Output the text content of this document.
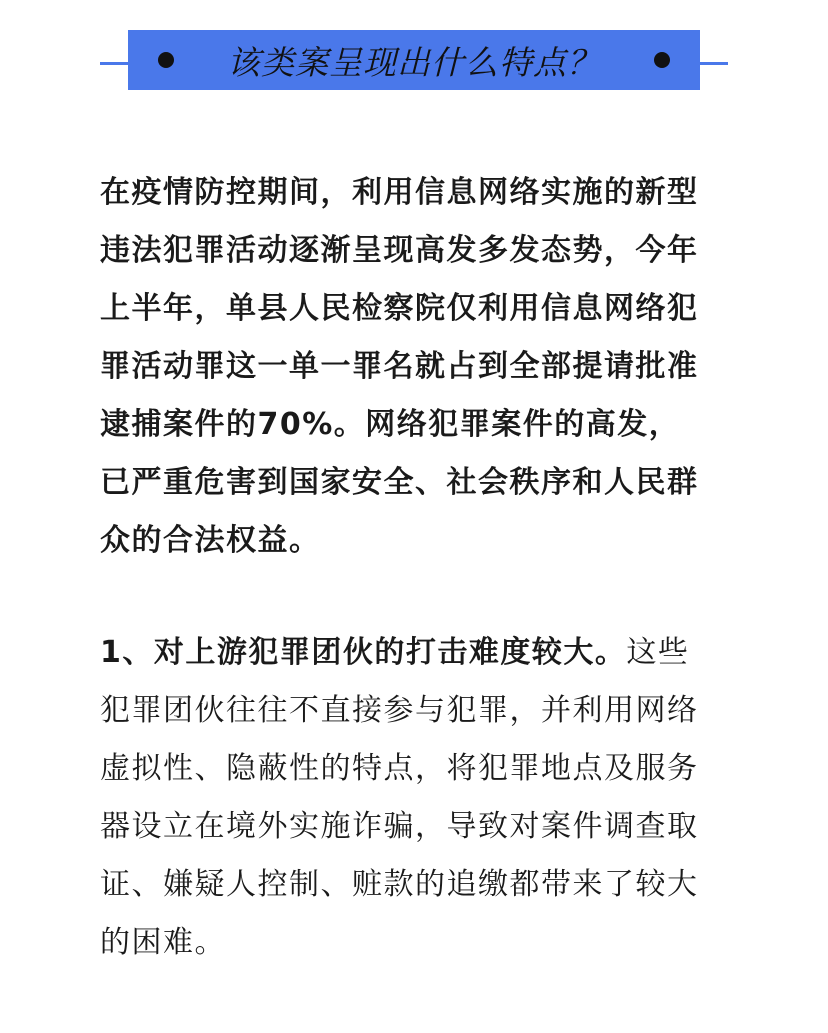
该类案呈现出什么特点？

在疫情防控期间，利用信息网络实施的新型违法犯罪活动逐渐呈现高发多发态势，今年上半年，单县人民检察院仅利用信息网络犯罪活动罪这一单一罪名就占到全部提请批准逮捕案件的70%。网络犯罪案件的高发，已严重危害到国家安全、社会秩序和人民群众的合法权益。

1、对上游犯罪团伙的打击难度较大。这些犯罪团伙往往不直接参与犯罪，并利用网络虚拟性、隐蔽性的特点，将犯罪地点及服务器设立在境外实施诈骗，导致对案件调查取证、嫌疑人控制、赃款的追缴都带来了较大的困难。
